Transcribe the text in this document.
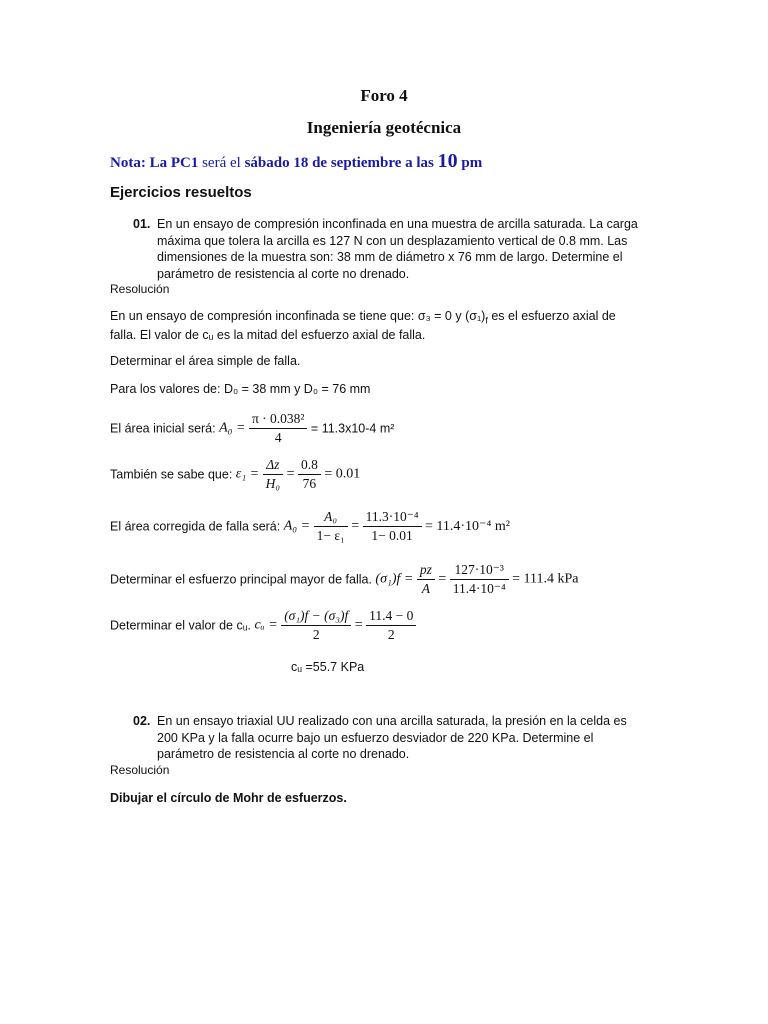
Foro 4
Ingeniería geotécnica
Nota: La PC1 será el sábado 18 de septiembre a las 10 pm
Ejercicios resueltos
01. En un ensayo de compresión inconfinada en una muestra de arcilla saturada. La carga
máxima que tolera la arcilla es 127 N con un desplazamiento vertical de 0.8 mm. Las
dimensiones de la muestra son: 38 mm de diámetro x 76 mm de largo. Determine el
parámetro de resistencia al corte no drenado.
Resolución
En un ensayo de compresión inconfinada se tiene que: σ₃ = 0 y $(\sigma_1)_f$ es el esfuerzo axial de
falla. El valor de cᵤ es la mitad del esfuerzo axial de falla.
Determinar el área simple de falla.
Para los valores de: D₀ = 38 mm y D₀ = 76 mm
El área inicial será: $A_0 = \frac{\text{π · 0.038²}}{4} = 11.3x10-4$ m²
También se sabe que: $\varepsilon_1 = \frac{\Delta z}{\text{H₀}} = \frac{0.8}{76} = 0.01$
El área corregida de falla será: $A_0 = \frac{\text{A₀}}{\text{1− ε₁}} = \frac{\text{11.3·10⁻⁴}}{1- 0.01} = 11.4\cdot 10^{-4}$ m²
Determinar el esfuerzo principal mayor de falla. $(\sigma_1)f = \frac{pz}{A} = \frac{\text{127·10⁻³}}{\text{11.4·10⁻⁴}} = 111.4$ kPa
Determinar el valor de cᵤ. cᵤ = $\frac{\text{(σ₁)f − (σ₃)f}}{2} = \frac{11.4 - 0}{2}$
cᵤ =55.7 KPa
02. En un ensayo triaxial UU realizado con una arcilla saturada, la presión en la celda es
200 KPa y la falla ocurre bajo un esfuerzo desviador de 220 KPa. Determine el
parámetro de resistencia al corte no drenado.
Resolución
Dibujar el círculo de Mohr de esfuerzos.
